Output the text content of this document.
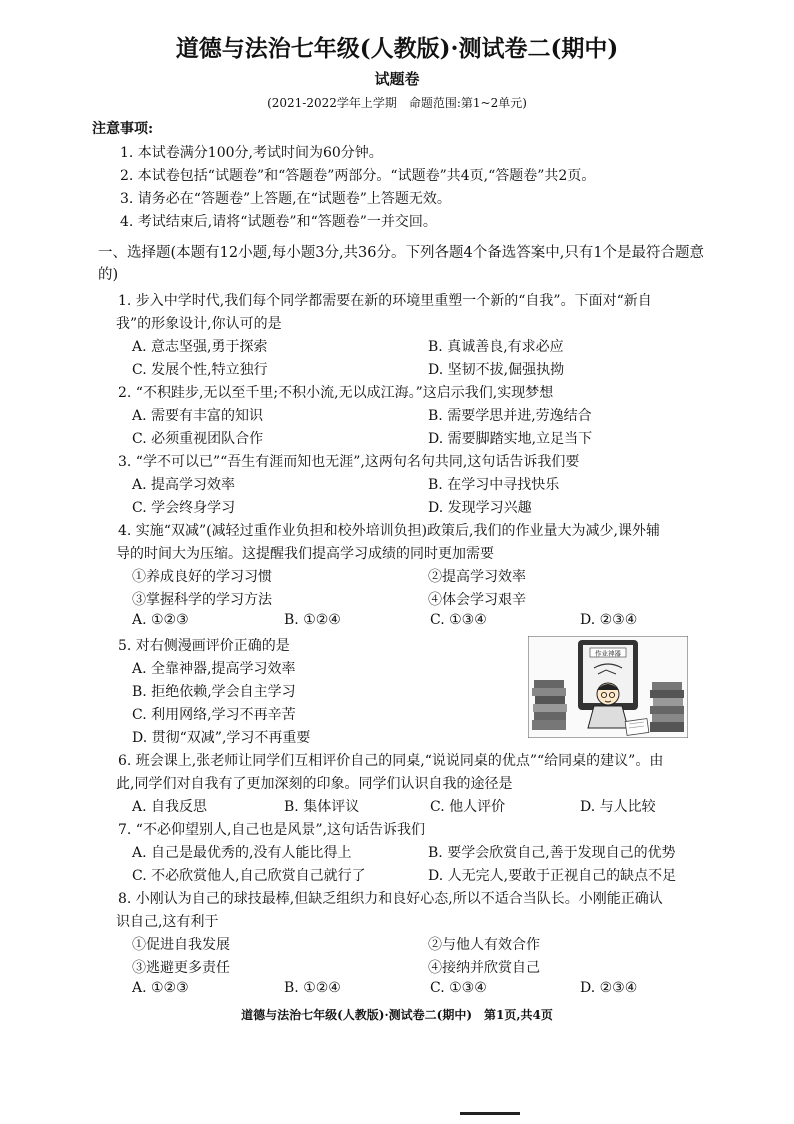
道德与法治七年级(人教版)·测试卷二(期中)
试题卷
(2021-2022学年上学期　命题范围:第1~2单元)
注意事项:
1. 本试卷满分100分,考试时间为60分钟。
2. 本试卷包括“试题卷”和“答题卷”两部分。“试题卷”共4页,“答题卷”共2页。
3. 请务必在“答题卷”上答题,在“试题卷”上答题无效。
4. 考试结束后,请将“试题卷”和“答题卷”一并交回。
一、选择题(本题有12小题,每小题3分,共36分。下列各题4个备选答案中,只有1个是最符合题意的)
1. 步入中学时代,我们每个同学都需要在新的环境里重塑一个新的“自我”。下面对“新自
我”的形象设计,你认可的是
A. 意志坚强,勇于探索	B. 真诚善良,有求必应
C. 发展个性,特立独行	D. 坚韧不拔,倔强执拗
2. “不积跬步,无以至千里;不积小流,无以成江海。”这启示我们,实现梦想
A. 需要有丰富的知识	B. 需要学思并进,劳逸结合
C. 必须重视团队合作	D. 需要脚踏实地,立足当下
3. “学不可以已”“吾生有涯而知也无涯”,这两句名句共同,这句话告诉我们要
A. 提高学习效率	B. 在学习中寻找快乐
C. 学会终身学习	D. 发现学习兴趣
4. 实施“双减”(减轻过重作业负担和校外培训负担)政策后,我们的作业量大为减少,课外辅
导的时间大为压缩。这提醒我们提高学习成绩的同时更加需要
①养成良好的学习习惯	②提高学习效率
③掌握科学的学习方法	④体会学习艰辛
A. ①②③	B. ①②④	C. ①③④	D. ②③④
5. 对右侧漫画评价正确的是
A. 全靠神器,提高学习效率
B. 拒绝依赖,学会自主学习
C. 利用网络,学习不再辛苦
D. 贯彻“双减”,学习不再重要
作业神器
6. 班会课上,张老师让同学们互相评价自己的同桌,“说说同桌的优点”“给同桌的建议”。由
此,同学们对自我有了更加深刻的印象。同学们认识自我的途径是
A. 自我反思	B. 集体评议	C. 他人评价	D. 与人比较
7. “不必仰望别人,自己也是风景”,这句话告诉我们
A. 自己是最优秀的,没有人能比得上	B. 要学会欣赏自己,善于发现自己的优势
C. 不必欣赏他人,自己欣赏自己就行了	D. 人无完人,要敢于正视自己的缺点不足
8. 小刚认为自己的球技最棒,但缺乏组织力和良好心态,所以不适合当队长。小刚能正确认
识自己,这有利于
①促进自我发展	②与他人有效合作
③逃避更多责任	④接纳并欣赏自己
A. ①②③	B. ①②④	C. ①③④	D. ②③④
道德与法治七年级(人教版)·测试卷二(期中)　第1页,共4页
